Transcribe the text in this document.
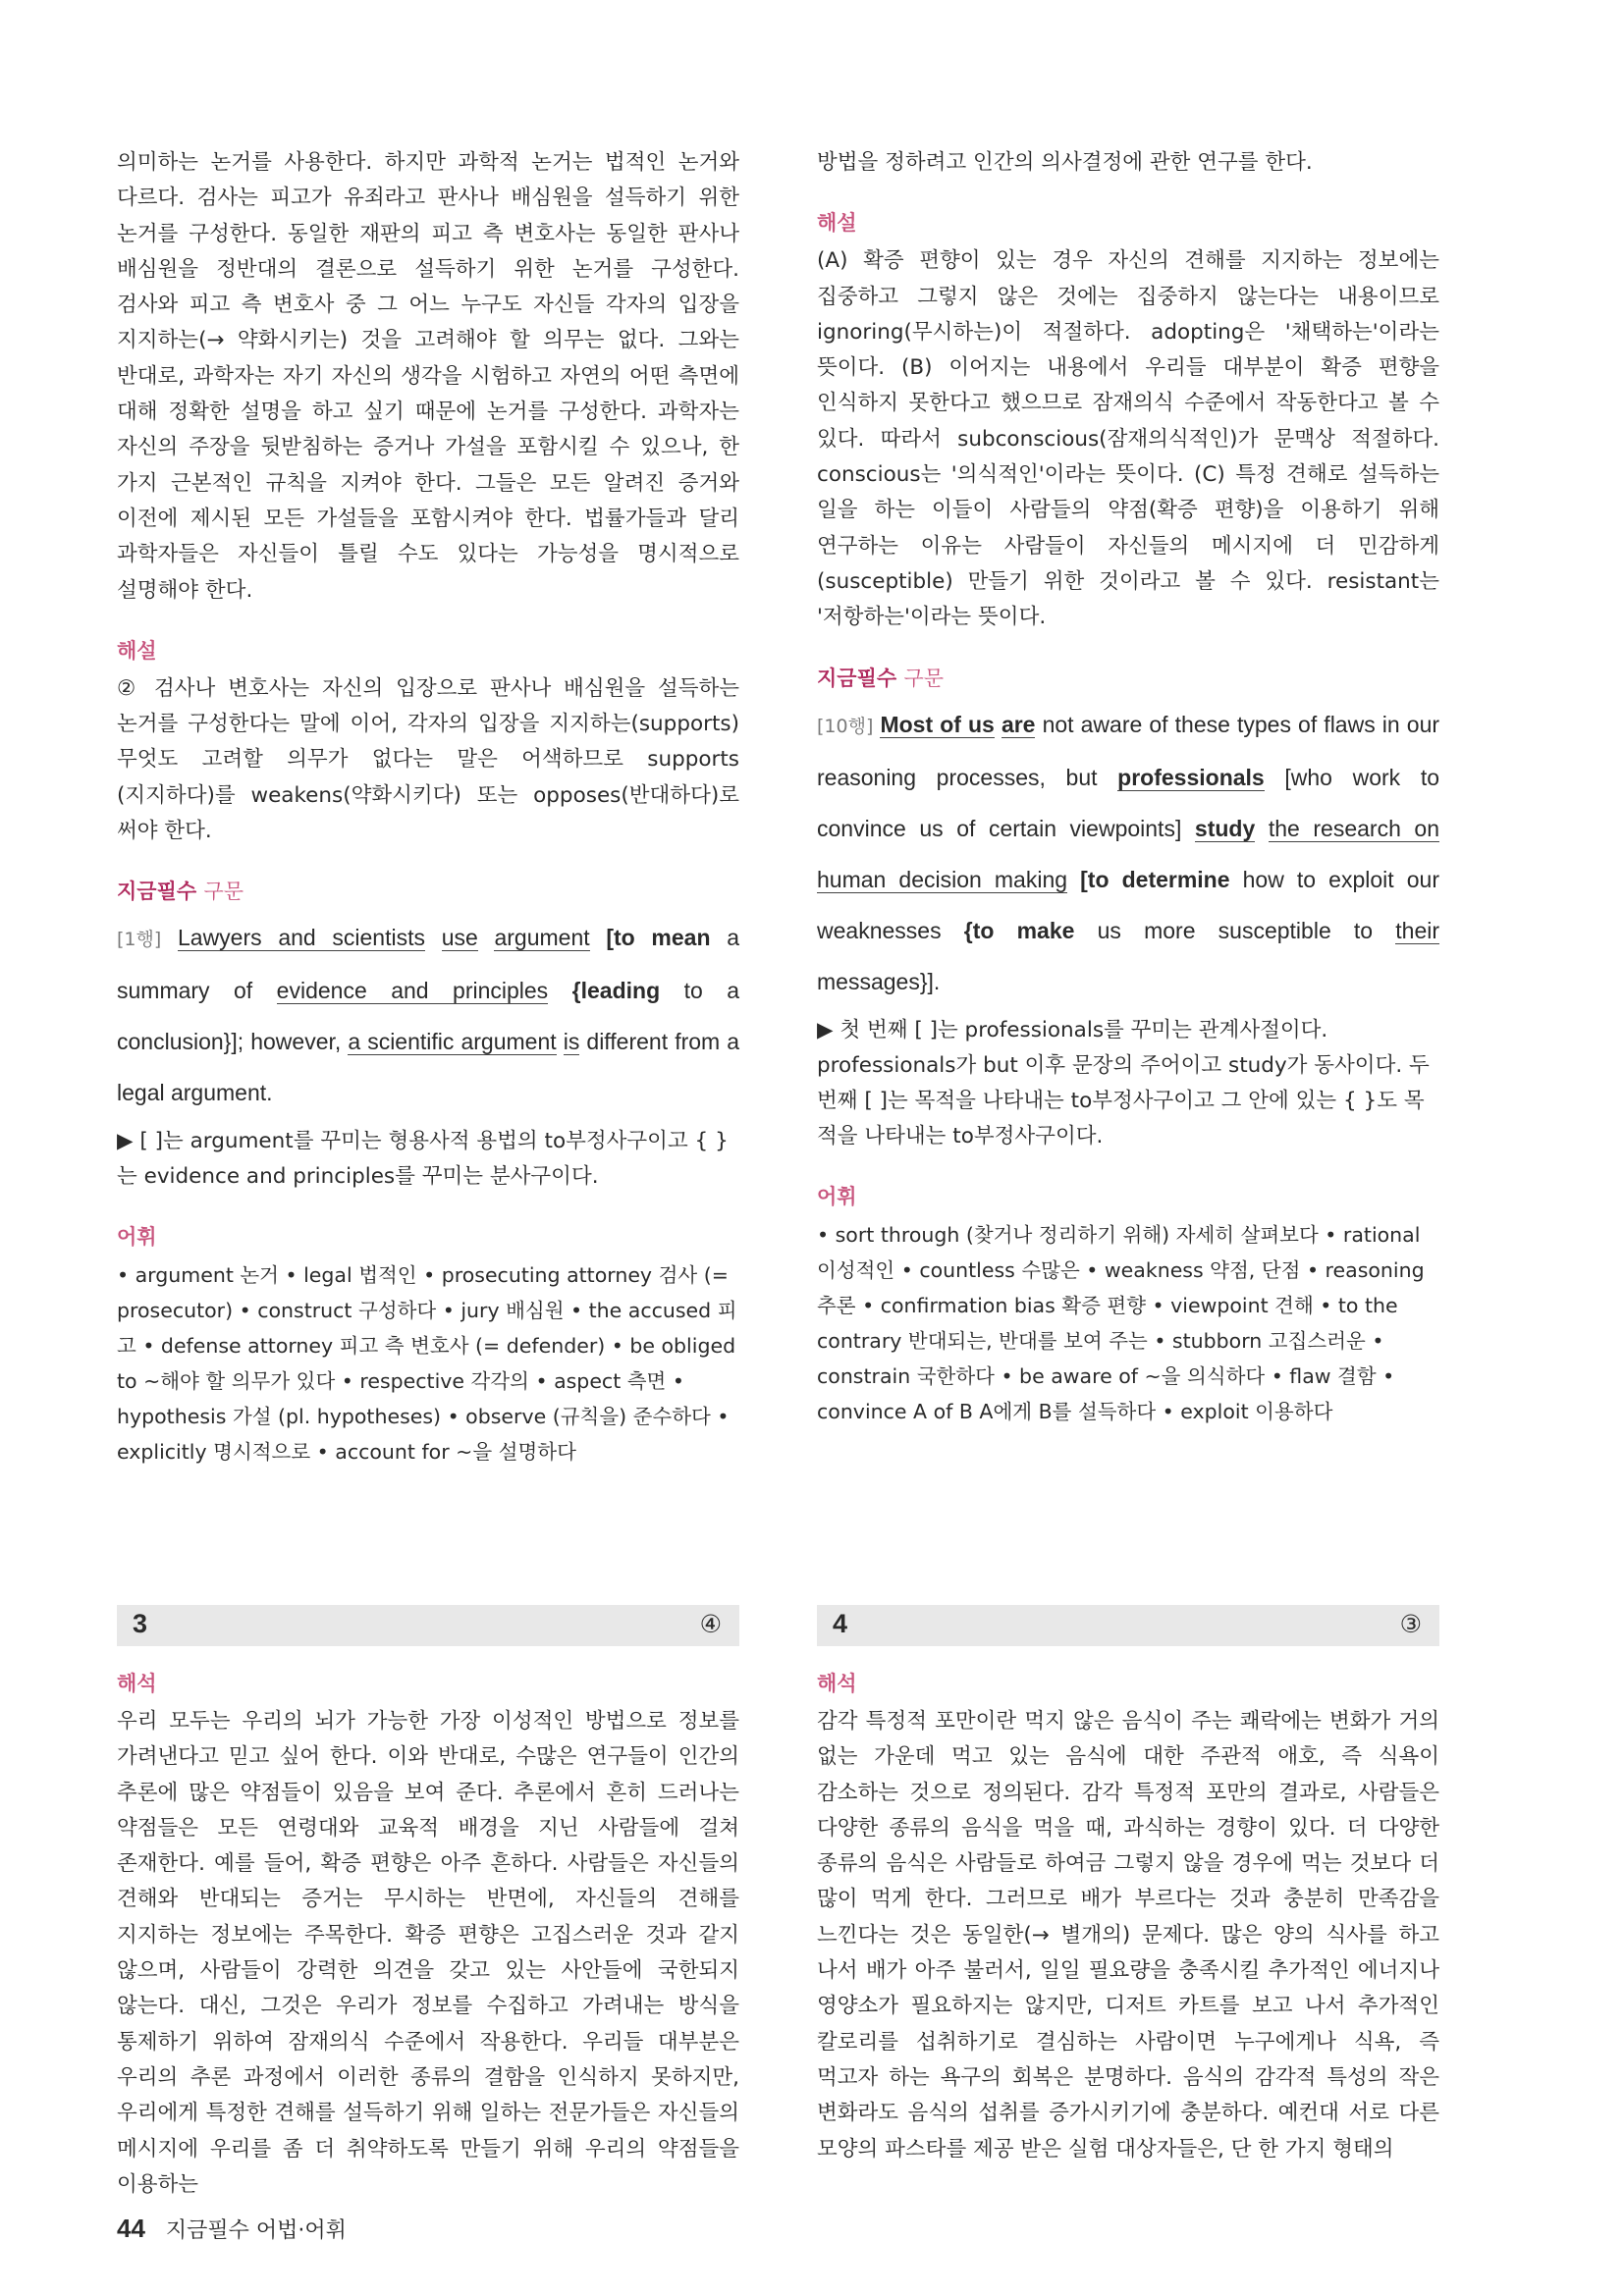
의미하는 논거를 사용한다. 하지만 과학적 논거는 법적인 논거와 다르다. 검사는 피고가 유죄라고 판사나 배심원을 설득하기 위한 논거를 구성한다. 동일한 재판의 피고 측 변호사는 동일한 판사나 배심원을 정반대의 결론으로 설득하기 위한 논거를 구성한다. 검사와 피고 측 변호사 중 그 어느 누구도 자신들 각자의 입장을 지지하는(→ 약화시키는) 것을 고려해야 할 의무는 없다. 그와는 반대로, 과학자는 자기 자신의 생각을 시험하고 자연의 어떤 측면에 대해 정확한 설명을 하고 싶기 때문에 논거를 구성한다. 과학자는 자신의 주장을 뒷받침하는 증거나 가설을 포함시킬 수 있으나, 한 가지 근본적인 규칙을 지켜야 한다. 그들은 모든 알려진 증거와 이전에 제시된 모든 가설들을 포함시켜야 한다. 법률가들과 달리 과학자들은 자신들이 틀릴 수도 있다는 가능성을 명시적으로 설명해야 한다.

해설

② 검사나 변호사는 자신의 입장으로 판사나 배심원을 설득하는 논거를 구성한다는 말에 이어, 각자의 입장을 지지하는(supports) 무엇도 고려할 의무가 없다는 말은 어색하므로 supports (지지하다)를 weakens(약화시키다) 또는 opposes(반대하다)로 써야 한다.

지금필수 구문

[1행] Lawyers and scientists use argument [to mean a summary of evidence and principles {leading to a conclusion}]; however, a scientific argument is different from a legal argument.

▶ [ ]는 argument를 꾸미는 형용사적 용법의 to부정사구이고 { }는 evidence and principles를 꾸미는 분사구이다.

어휘

• argument 논거 • legal 법적인 • prosecuting attorney 검사 (= prosecutor) • construct 구성하다 • jury 배심원 • the accused 피고 • defense attorney 피고 측 변호사 (= defender) • be obliged to ~해야 할 의무가 있다 • respective 각각의 • aspect 측면 • hypothesis 가설 (pl. hypotheses) • observe (규칙을) 준수하다 • explicitly 명시적으로 • account for ~을 설명하다

방법을 정하려고 인간의 의사결정에 관한 연구를 한다.

해설

(A) 확증 편향이 있는 경우 자신의 견해를 지지하는 정보에는 집중하고 그렇지 않은 것에는 집중하지 않는다는 내용이므로 ignoring(무시하는)이 적절하다. adopting은 '채택하는'이라는 뜻이다. (B) 이어지는 내용에서 우리들 대부분이 확증 편향을 인식하지 못한다고 했으므로 잠재의식 수준에서 작동한다고 볼 수 있다. 따라서 subconscious(잠재의식적인)가 문맥상 적절하다. conscious는 '의식적인'이라는 뜻이다. (C) 특정 견해로 설득하는 일을 하는 이들이 사람들의 약점(확증 편향)을 이용하기 위해 연구하는 이유는 사람들이 자신들의 메시지에 더 민감하게(susceptible) 만들기 위한 것이라고 볼 수 있다. resistant는 '저항하는'이라는 뜻이다.

지금필수 구문

[10행] Most of us are not aware of these types of flaws in our reasoning processes, but professionals [who work to convince us of certain viewpoints] study the research on human decision making [to determine how to exploit our weaknesses {to make us more susceptible to their messages}].

▶ 첫 번째 [ ]는 professionals를 꾸미는 관계사절이다. professionals가 but 이후 문장의 주어이고 study가 동사이다. 두 번째 [ ]는 목적을 나타내는 to부정사구이고 그 안에 있는 { }도 목적을 나타내는 to부정사구이다.

어휘

• sort through (찾거나 정리하기 위해) 자세히 살펴보다 • rational 이성적인 • countless 수많은 • weakness 약점, 단점 • reasoning 추론 • confirmation bias 확증 편향 • viewpoint 견해 • to the contrary 반대되는, 반대를 보여 주는 • stubborn 고집스러운 • constrain 국한하다 • be aware of ~을 의식하다 • flaw 결함 • convince A of B A에게 B를 설득하다 • exploit 이용하다

3	④
해석

우리 모두는 우리의 뇌가 가능한 가장 이성적인 방법으로 정보를 가려낸다고 믿고 싶어 한다. 이와 반대로, 수많은 연구들이 인간의 추론에 많은 약점들이 있음을 보여 준다. 추론에서 흔히 드러나는 약점들은 모든 연령대와 교육적 배경을 지닌 사람들에 걸쳐 존재한다. 예를 들어, 확증 편향은 아주 흔하다. 사람들은 자신들의 견해와 반대되는 증거는 무시하는 반면에, 자신들의 견해를 지지하는 정보에는 주목한다. 확증 편향은 고집스러운 것과 같지 않으며, 사람들이 강력한 의견을 갖고 있는 사안들에 국한되지 않는다. 대신, 그것은 우리가 정보를 수집하고 가려내는 방식을 통제하기 위하여 잠재의식 수준에서 작용한다. 우리들 대부분은 우리의 추론 과정에서 이러한 종류의 결함을 인식하지 못하지만, 우리에게 특정한 견해를 설득하기 위해 일하는 전문가들은 자신들의 메시지에 우리를 좀 더 취약하도록 만들기 위해 우리의 약점들을 이용하는

4	③
해석

감각 특정적 포만이란 먹지 않은 음식이 주는 쾌락에는 변화가 거의 없는 가운데 먹고 있는 음식에 대한 주관적 애호, 즉 식욕이 감소하는 것으로 정의된다. 감각 특정적 포만의 결과로, 사람들은 다양한 종류의 음식을 먹을 때, 과식하는 경향이 있다. 더 다양한 종류의 음식은 사람들로 하여금 그렇지 않을 경우에 먹는 것보다 더 많이 먹게 한다. 그러므로 배가 부르다는 것과 충분히 만족감을 느낀다는 것은 동일한(→ 별개의) 문제다. 많은 양의 식사를 하고 나서 배가 아주 불러서, 일일 필요량을 충족시킬 추가적인 에너지나 영양소가 필요하지는 않지만, 디저트 카트를 보고 나서 추가적인 칼로리를 섭취하기로 결심하는 사람이면 누구에게나 식욕, 즉 먹고자 하는 욕구의 회복은 분명하다. 음식의 감각적 특성의 작은 변화라도 음식의 섭취를 증가시키기에 충분하다. 예컨대 서로 다른 모양의 파스타를 제공 받은 실험 대상자들은, 단 한 가지 형태의

44 지금필수 어법·어휘
